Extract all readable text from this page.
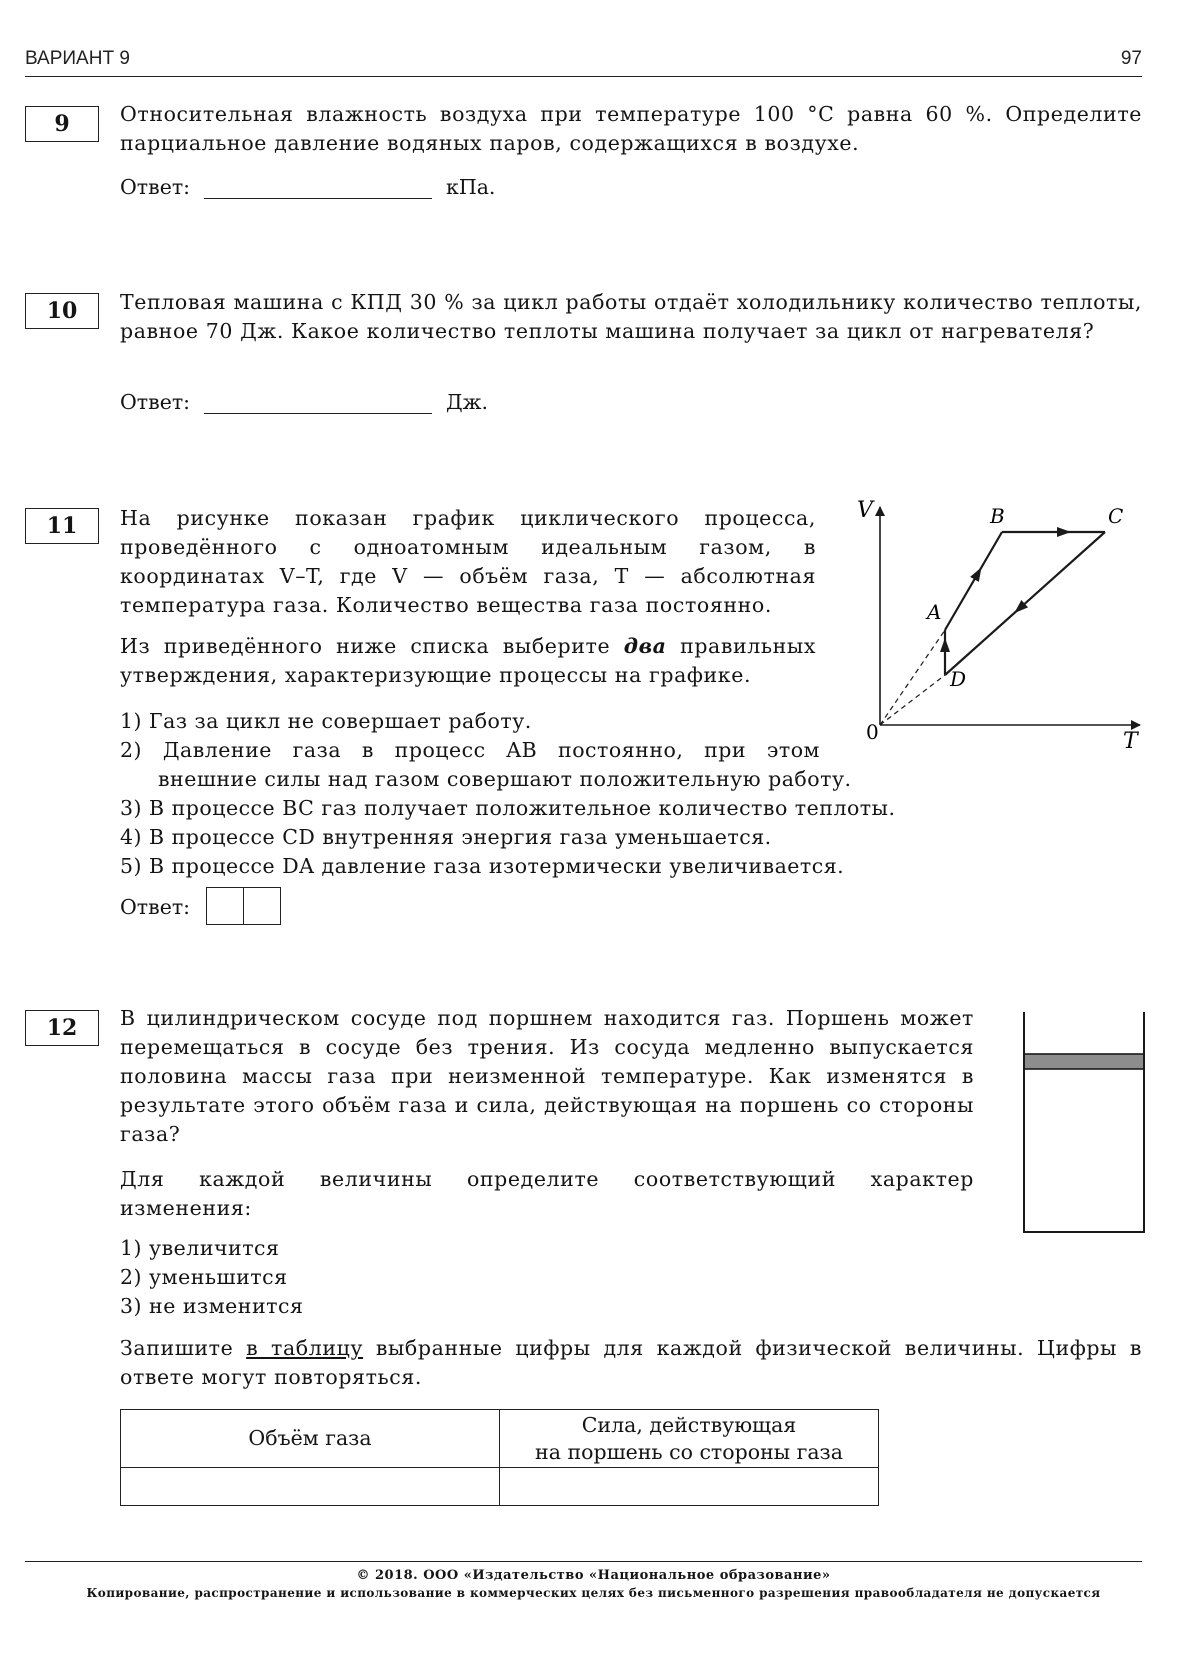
ВАРИАНТ 9	97
9	Относительная влажность воздуха при температуре 100 °С равна 60 %. Определите парциальное давление водяных паров, содержащихся в воздухе.
Ответ:	кПа.
10	Тепловая машина с КПД 30 % за цикл работы отдаёт холодильнику количество теплоты, равное 70 Дж. Какое количество теплоты машина получает за цикл от нагревателя?
Ответ:	Дж.
11	На рисунке показан график циклического процесса, проведённого с одноатомным идеальным газом, в координатах V–T, где V — объём газа, T — абсолютная температура газа. Количество вещества газа постоянно.
Из приведённого ниже списка выберите два правильных утверждения, характеризующие процессы на графике.
1) Газ за цикл не совершает работу.
2) Давление газа в процесс AB постоянно, при этом
внешние силы над газом совершают положительную работу.
3) В процессе BC газ получает положительное количество теплоты.
4) В процессе CD внутренняя энергия газа уменьшается.
5) В процессе DA давление газа изотермически увеличивается.
Ответ:

V
T
0
A
B	C
D
12	В цилиндрическом сосуде под поршнем находится газ. Поршень может перемещаться в сосуде без трения. Из сосуда медленно выпускается половина массы газа при неизменной температуре. Как изменятся в результате этого объём газа и сила, действующая на поршень со стороны газа?
Для каждой величины определите соответствующий характер изменения:
1) увеличится
2) уменьшится
3) не изменится
Запишите в таблицу выбранные цифры для каждой физической величины. Цифры в ответе могут повторяться.
Объём газа	Сила, действующая
на поршень со стороны газа

© 2018. ООО «Издательство «Национальное образование»
Копирование, распространение и использование в коммерческих целях без письменного разрешения правообладателя не допускается
